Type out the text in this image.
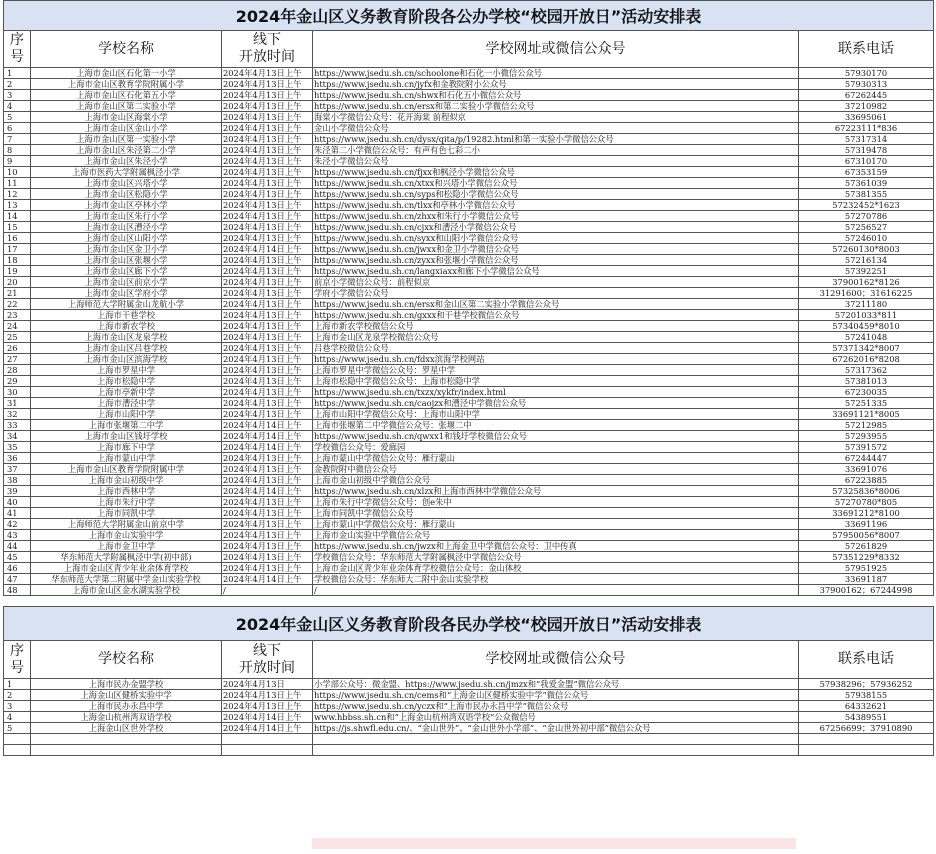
2024年金山区义务教育阶段各公办学校“校园开放日”活动安排表				
序
号	学校名称	线下
开放时间	学校网址或微信公众号	联系电话
1	上海市金山区石化第一小学	2024年4月13日上午	https://www.jsedu.sh.cn/schoolone和石化一小微信公众号	57930170
2	上海市金山区教育学院附属小学	2024年4月13日上午	https://www.jsedu.sh.cn/jyfx和金教院附小公众号	57930313
3	上海市金山区石化第五小学	2024年4月13日上午	https://www.jsedu.sh.cn/shwx和石化五小微信公众号	67262445
4	上海市金山区第二实验小学	2024年4月13日上午	https://www.jsedu.sh.cn/ersx和第二实验小学微信公众号	37210982
5	上海市金山区海棠小学	2024年4月13日上午	海棠小学微信公众号：花开海棠 前程似京	33695061
6	上海市金山区金山小学	2024年4月13日上午	金山小学微信公众号	67223111*836
7	上海市金山区第一实验小学	2024年4月13日上午	https://www.jsedu.sh.cn/dysx/qita/p/19282.html和第一实验小学微信公众号	57317314
8	上海市金山区朱泾第二小学	2024年4月13日上午	朱泾第二小学微信公众号：有声有色七彩二小	57319478
9	上海市金山区朱泾小学	2024年4月13日上午	朱泾小学微信公众号	67310170
10	上海市医药大学附属枫泾小学	2024年4月13日上午	https://www.jsedu.sh.cn/fjxx和枫泾小学微信公众号	67353159
11	上海市金山区兴塔小学	2024年4月13日上午	https://www.jsedu.sh.cn/xtxx和兴塔小学微信公众号	57361039
12	上海市金山区松隐小学	2024年4月13日上午	https://www.jsedu.sh.cn/syps和松隐小学微信公众号	57381355
13	上海市金山区亭林小学	2024年4月13日上午	https://www.jsedu.sh.cn/tlxx和亭林小学微信公众号	57232452*1623
14	上海市金山区朱行小学	2024年4月13日上午	https://www.jsedu.sh.cn/zhxx和朱行小学微信公众号	57270786
15	上海市金山区漕泾小学	2024年4月13日上午	https://www.jsedu.sh.cn/cjxx和漕泾小学微信公众号	57256527
16	上海市金山区山阳小学	2024年4月13日上午	https://www.jsedu.sh.cn/syxx和山阳小学微信公众号	57246010
17	上海市金山区金卫小学	2024年4月14日上午	https://www.jsedu.sh.cn/jwxx和金卫小学微信公众号	57260130*8003
18	上海市金山区张堰小学	2024年4月13日上午	https://www.jsedu.sh.cn/zyxx和张堰小学微信公众号	57216134
19	上海市金山区廊下小学	2024年4月13日上午	https://www.jsedu.sh.cn/langxiaxx和廊下小学微信公众号	57392251
20	上海市金山区前京小学	2024年4月13日上午	前京小学微信公众号：前程似京	37900162*8126
21	上海市金山区学府小学	2024年4月13日上午	学府小学微信公众号	31291600；31616225
22	上海师范大学附属金山龙航小学	2024年4月13日上午	https://www.jsedu.sh.cn/ersx和金山区第二实验小学微信公众号	37211180
23	上海市干巷学校	2024年4月13日上午	https://www.jsedu.sh.cn/gxxx和干巷学校微信公众号	57201033*811
24	上海市新农学校	2024年4月13日上午	上海市新农学校微信公众号	57340459*8010
25	上海市金山区龙泉学校	2024年4月13日上午	上海市金山区龙泉学校微信公众号	57241048
26	上海市金山区吕巷学校	2024年4月13日上午	吕巷学校微信公众号	57371342*8007
27	上海市金山区滨海学校	2024年4月13日上午	https://www.jsedu.sh.cn/fdxx滨海学校网站	67262016*8208
28	上海市罗星中学	2024年4月13日上午	上海市罗星中学微信公众号：罗星中学	57317362
29	上海市松隐中学	2024年4月13日上午	上海市松隐中学微信公众号：上海市松隐中学	57381013
30	上海市亭新中学	2024年4月13日上午	https://www.jsedu.sh.cn/txzx/xykfr/index.html	67230035
31	上海市漕泾中学	2024年4月13日上午	https://www.jsedu.sh.cn/caojzx和漕泾中学微信公众号	57251335
32	上海市山阳中学	2024年4月13日上午	上海市山阳中学微信公众号：上海市山阳中学	33691121*8005
33	上海市张堰第二中学	2024年4月14日上午	上海市张堰第二中学微信公众号：张堰二中	57212985
34	上海市金山区钱圩学校	2024年4月14日上午	https://www.jsedu.sh.cn/qwxx1和钱圩学校微信公众号	57293955
35	上海市廊下中学	2024年4月14日上午	学校微信公众号：爱廊园	57391572
36	上海市蒙山中学	2024年4月13日上午	上海市蒙山中学微信公众号：雁行蒙山	67244447
37	上海市金山区教育学院附属中学	2024年4月13日上午	金教院附中微信公众号	33691076
38	上海市金山初级中学	2024年4月13日上午	上海市金山初级中学微信公众号	67223885
39	上海市西林中学	2024年4月14日上午	https://www.jsedu.sh.cn/xlzx和上海市西林中学微信公众号	57325836*8006
40	上海市朱行中学	2024年4月13日上午	上海市朱行中学微信公众号：创e朱中	57270780*805
41	上海市同凯中学	2024年4月13日上午	上海市同凯中学微信公众号	33691212*8100
42	上海师范大学附属金山前京中学	2024年4月13日上午	上海市蒙山中学微信公众号：雁行蒙山	33691196
43	上海市金山实验中学	2024年4月13日上午	上海市金山实验中学微信公众号	57950056*8007
44	上海市金卫中学	2024年4月13日上午	https://www.jsedu.sh.cn/jwzx和上海金卫中学微信公众号：卫中传真	57261829
45	华东师范大学附属枫泾中学(初中部)	2024年4月13日上午	学校微信公众号：华东师范大学附属枫泾中学微信公众号	57351229*8332
46	上海市金山区青少年业余体育学校	2024年4月13日上午	上海市金山区青少年业余体育学校微信公众号：金山体校	57951925
47	华东师范大学第二附属中学金山实验学校	2024年4月14日上午	学校微信公众号：华东师大二附中金山实验学校	33691187
48	上海市金山区金水湖实验学校	/	/	37900162；67244998
2024年金山区义务教育阶段各民办学校“校园开放日”活动安排表				
序
号	学校名称	线下
开放时间	学校网址或微信公众号	联系电话
1	上海市民办金盟学校	2024年4月13日	小学部公众号：微金盟、https://www.jsedu.sh.cn/jmzx和“我爱金盟”微信公众号	57938296；57936252
2	上海金山区健桥实验中学	2024年4月13日上午	https://www.jsedu.sh.cn/cems和“上海金山区健桥实验中学”微信公众号	57938155
3	上海市民办永昌中学	2024年4月13日上午	https://www.jsedu.sh.cn/yczx和“上海市民办永昌中学”微信公众号	64332621
4	上海金山杭州湾双语学校	2024年4月14日上午	www.hbbss.sh.cn和“上海金山杭州湾双语学校”公众微信号	54389551
5	上海金山区世外学校	2024年4月14日上午	https://js.shwfl.edu.cn/、“金山世外”、“金山世外小学部”、“金山世外初中部”微信公众号	67256699；37910890
